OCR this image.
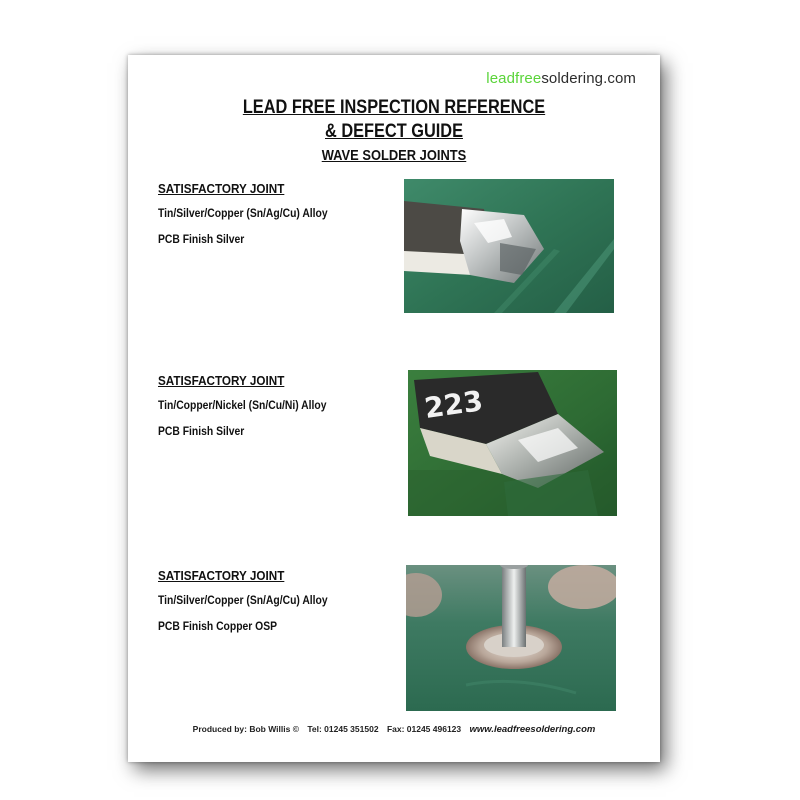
leadfreesoldering.com
LEAD FREE INSPECTION REFERENCE
& DEFECT GUIDE
WAVE SOLDER JOINTS
SATISFACTORY JOINT
Tin/Silver/Copper (Sn/Ag/Cu) Alloy
PCB Finish Silver
SATISFACTORY JOINT
Tin/Copper/Nickel (Sn/Cu/Ni) Alloy
PCB Finish Silver
223
SATISFACTORY JOINT
Tin/Silver/Copper (Sn/Ag/Cu) Alloy
PCB Finish Copper OSP
Produced by: Bob Willis © Tel: 01245 351502 Fax: 01245 496123 www.leadfreesoldering.com
